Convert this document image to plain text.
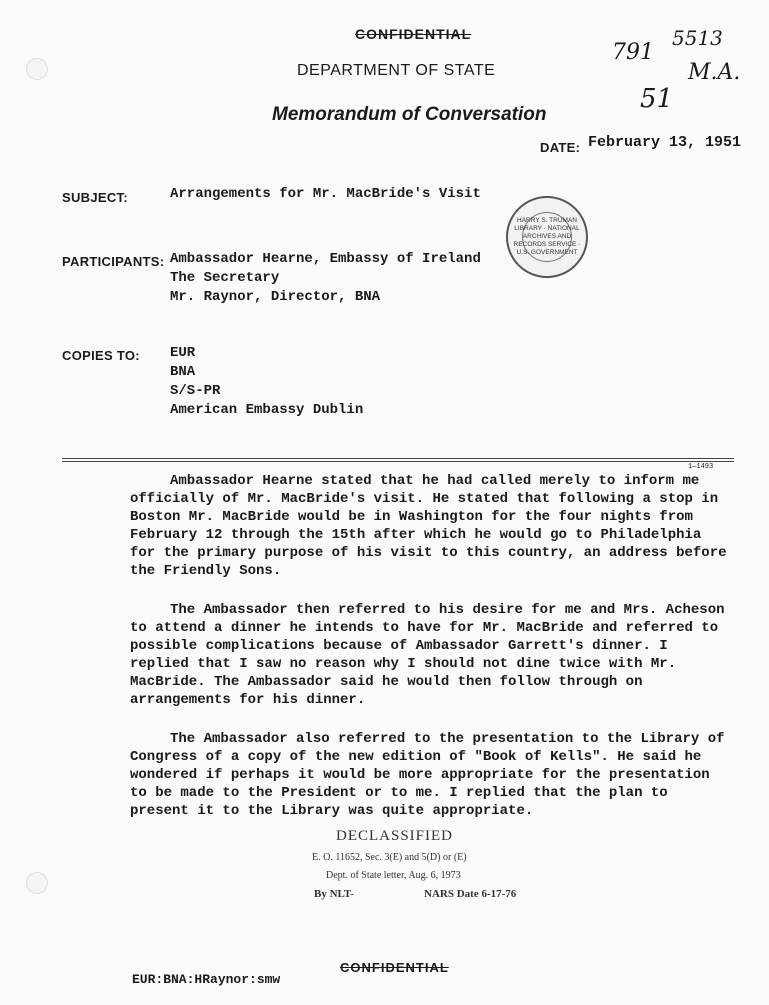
CONFIDENTIAL
DEPARTMENT OF STATE
Memorandum of Conversation
791
5513
M.A.
51
DATE: February 13, 1951
SUBJECT:	Arrangements for Mr. MacBride's Visit
HARRY S. TRUMAN LIBRARY · NATIONAL ARCHIVES AND RECORDS SERVICE · U.S. GOVERNMENT
PARTICIPANTS: Ambassador Hearne, Embassy of Ireland
The Secretary
Mr. Raynor, Director, BNA
COPIES TO: EUR
BNA
S/S-PR
American Embassy Dublin
1—1493

Ambassador Hearne stated that he had called merely to inform me officially of Mr. MacBride's visit. He stated that following a stop in Boston Mr. MacBride would be in Washington for the four nights from February 12 through the 15th after which he would go to Philadelphia for the primary purpose of his visit to this country, an address before the Friendly Sons.

The Ambassador then referred to his desire for me and Mrs. Acheson to attend a dinner he intends to have for Mr. MacBride and referred to possible complications because of Ambassador Garrett's dinner. I replied that I saw no reason why I should not dine twice with Mr. MacBride. The Ambassador said he would then follow through on arrangements for his dinner.

The Ambassador also referred to the presentation to the Library of Congress of a copy of the new edition of "Book of Kells". He said he wondered if perhaps it would be more appropriate for the presentation to be made to the President or to me. I replied that the plan to present it to the Library was quite appropriate.

DECLASSIFIED
E. O. 11652, Sec. 3(E) and 5(D) or (E)
Dept. of State letter, Aug. 6, 1973
By NLT-	NARS Date 6-17-76
EUR:BNA:HRaynor:smw
CONFIDENTIAL
